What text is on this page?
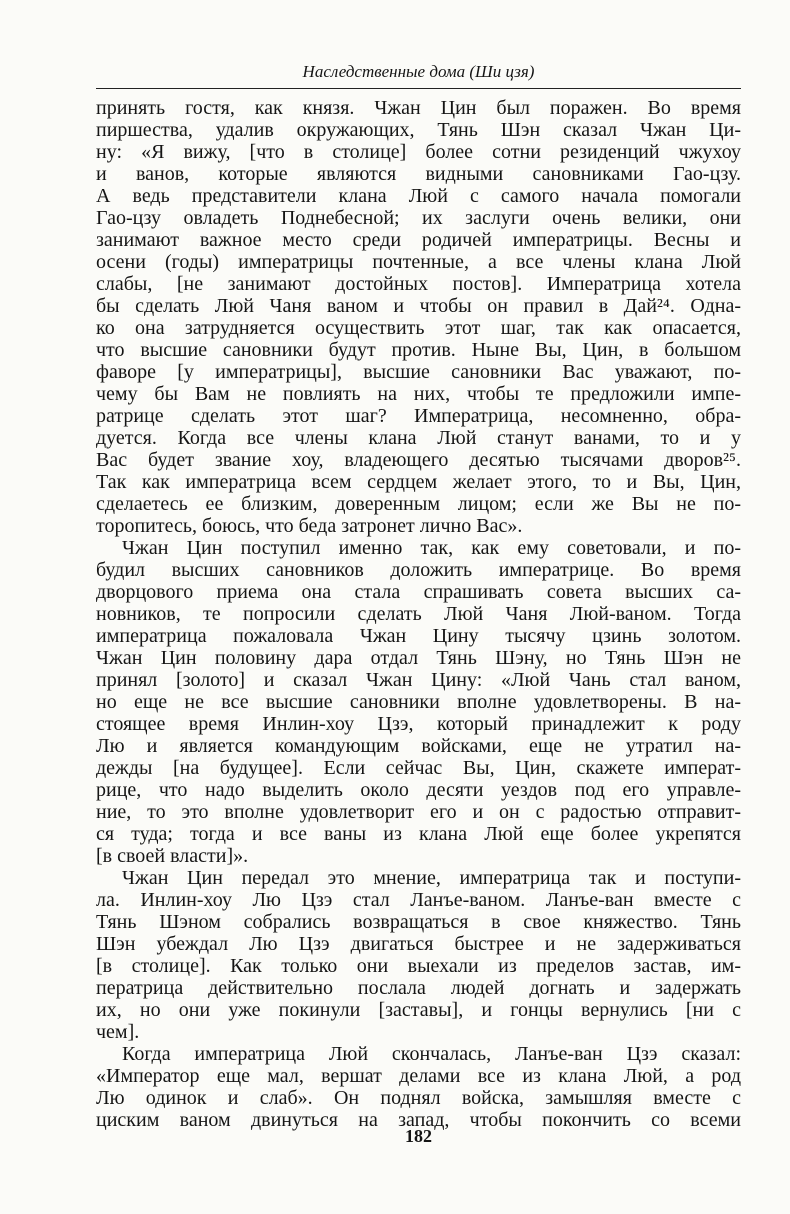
Наследственные дома (Ши цзя)
принять гостя, как князя. Чжан Цин был поражен. Во время
пиршества, удалив окружающих, Тянь Шэн сказал Чжан Ци-
ну: «Я вижу, [что в столице] более сотни резиденций чжухоу
и ванов, которые являются видными сановниками Гао-цзу.
А ведь представители клана Люй с самого начала помогали
Гао-цзу овладеть Поднебесной; их заслуги очень велики, они
занимают важное место среди родичей императрицы. Весны и
осени (годы) императрицы почтенные, а все члены клана Люй
слабы, [не занимают достойных постов]. Императрица хотела
бы сделать Люй Чаня ваном и чтобы он правил в Дай²⁴. Одна-
ко она затрудняется осуществить этот шаг, так как опасается,
что высшие сановники будут против. Ныне Вы, Цин, в большом
фаворе [у императрицы], высшие сановники Вас уважают, по-
чему бы Вам не повлиять на них, чтобы те предложили импе-
ратрице сделать этот шаг? Императрица, несомненно, обра-
дуется. Когда все члены клана Люй станут ванами, то и у
Вас будет звание хоу, владеющего десятью тысячами дворов²⁵.
Так как императрица всем сердцем желает этого, то и Вы, Цин,
сделаетесь ее близким, доверенным лицом; если же Вы не по-
торопитесь, боюсь, что беда затронет лично Вас».
Чжан Цин поступил именно так, как ему советовали, и по-
будил высших сановников доложить императрице. Во время
дворцового приема она стала спрашивать совета высших са-
новников, те попросили сделать Люй Чаня Люй-ваном. Тогда
императрица пожаловала Чжан Цину тысячу цзинь золотом.
Чжан Цин половину дара отдал Тянь Шэну, но Тянь Шэн не
принял [золото] и сказал Чжан Цину: «Люй Чань стал ваном,
но еще не все высшие сановники вполне удовлетворены. В на-
стоящее время Инлин-хоу Цзэ, который принадлежит к роду
Лю и является командующим войсками, еще не утратил на-
дежды [на будущее]. Если сейчас Вы, Цин, скажете императ-
рице, что надо выделить около десяти уездов под его управле-
ние, то это вполне удовлетворит его и он с радостью отправит-
ся туда; тогда и все ваны из клана Люй еще более укрепятся
[в своей власти]».
Чжан Цин передал это мнение, императрица так и поступи-
ла. Инлин-хоу Лю Цзэ стал Ланъе-ваном. Ланъе-ван вместе с
Тянь Шэном собрались возвращаться в свое княжество. Тянь
Шэн убеждал Лю Цзэ двигаться быстрее и не задерживаться
[в столице]. Как только они выехали из пределов застав, им-
ператрица действительно послала людей догнать и задержать
их, но они уже покинули [заставы], и гонцы вернулись [ни с
чем].
Когда императрица Люй скончалась, Ланъе-ван Цзэ сказал:
«Император еще мал, вершат делами все из клана Люй, а род
Лю одинок и слаб». Он поднял войска, замышляя вместе с
циским ваном двинуться на запад, чтобы покончить со всеми
182
